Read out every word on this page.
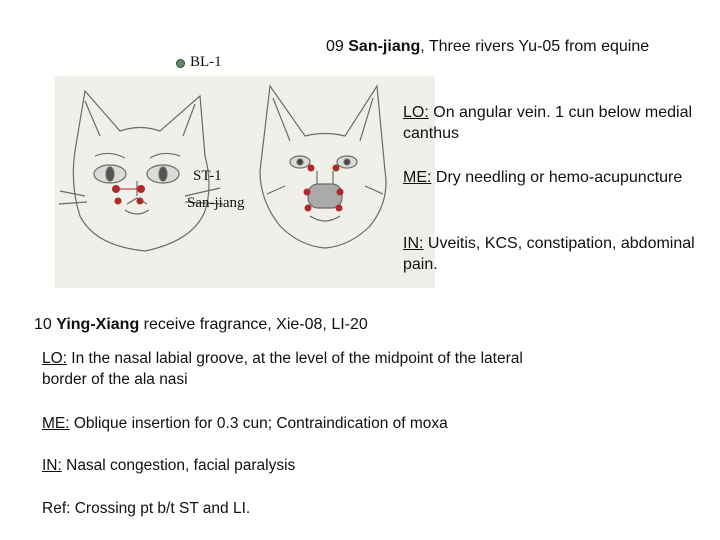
BL-1
ST-1
San-jiang
09 San-jiang, Three rivers Yu-05 from equine
LO: On angular vein. 1 cun below medial canthus
ME: Dry needling or hemo-acupuncture
IN: Uveitis, KCS, constipation, abdominal pain.
10 Ying-Xiang receive fragrance, Xie-08, LI-20
LO: In the nasal labial groove, at the level of the midpoint of the lateral border of the ala nasi
ME: Oblique insertion for 0.3 cun; Contraindication of moxa
IN: Nasal congestion, facial paralysis
Ref: Crossing pt b/t ST and LI.
